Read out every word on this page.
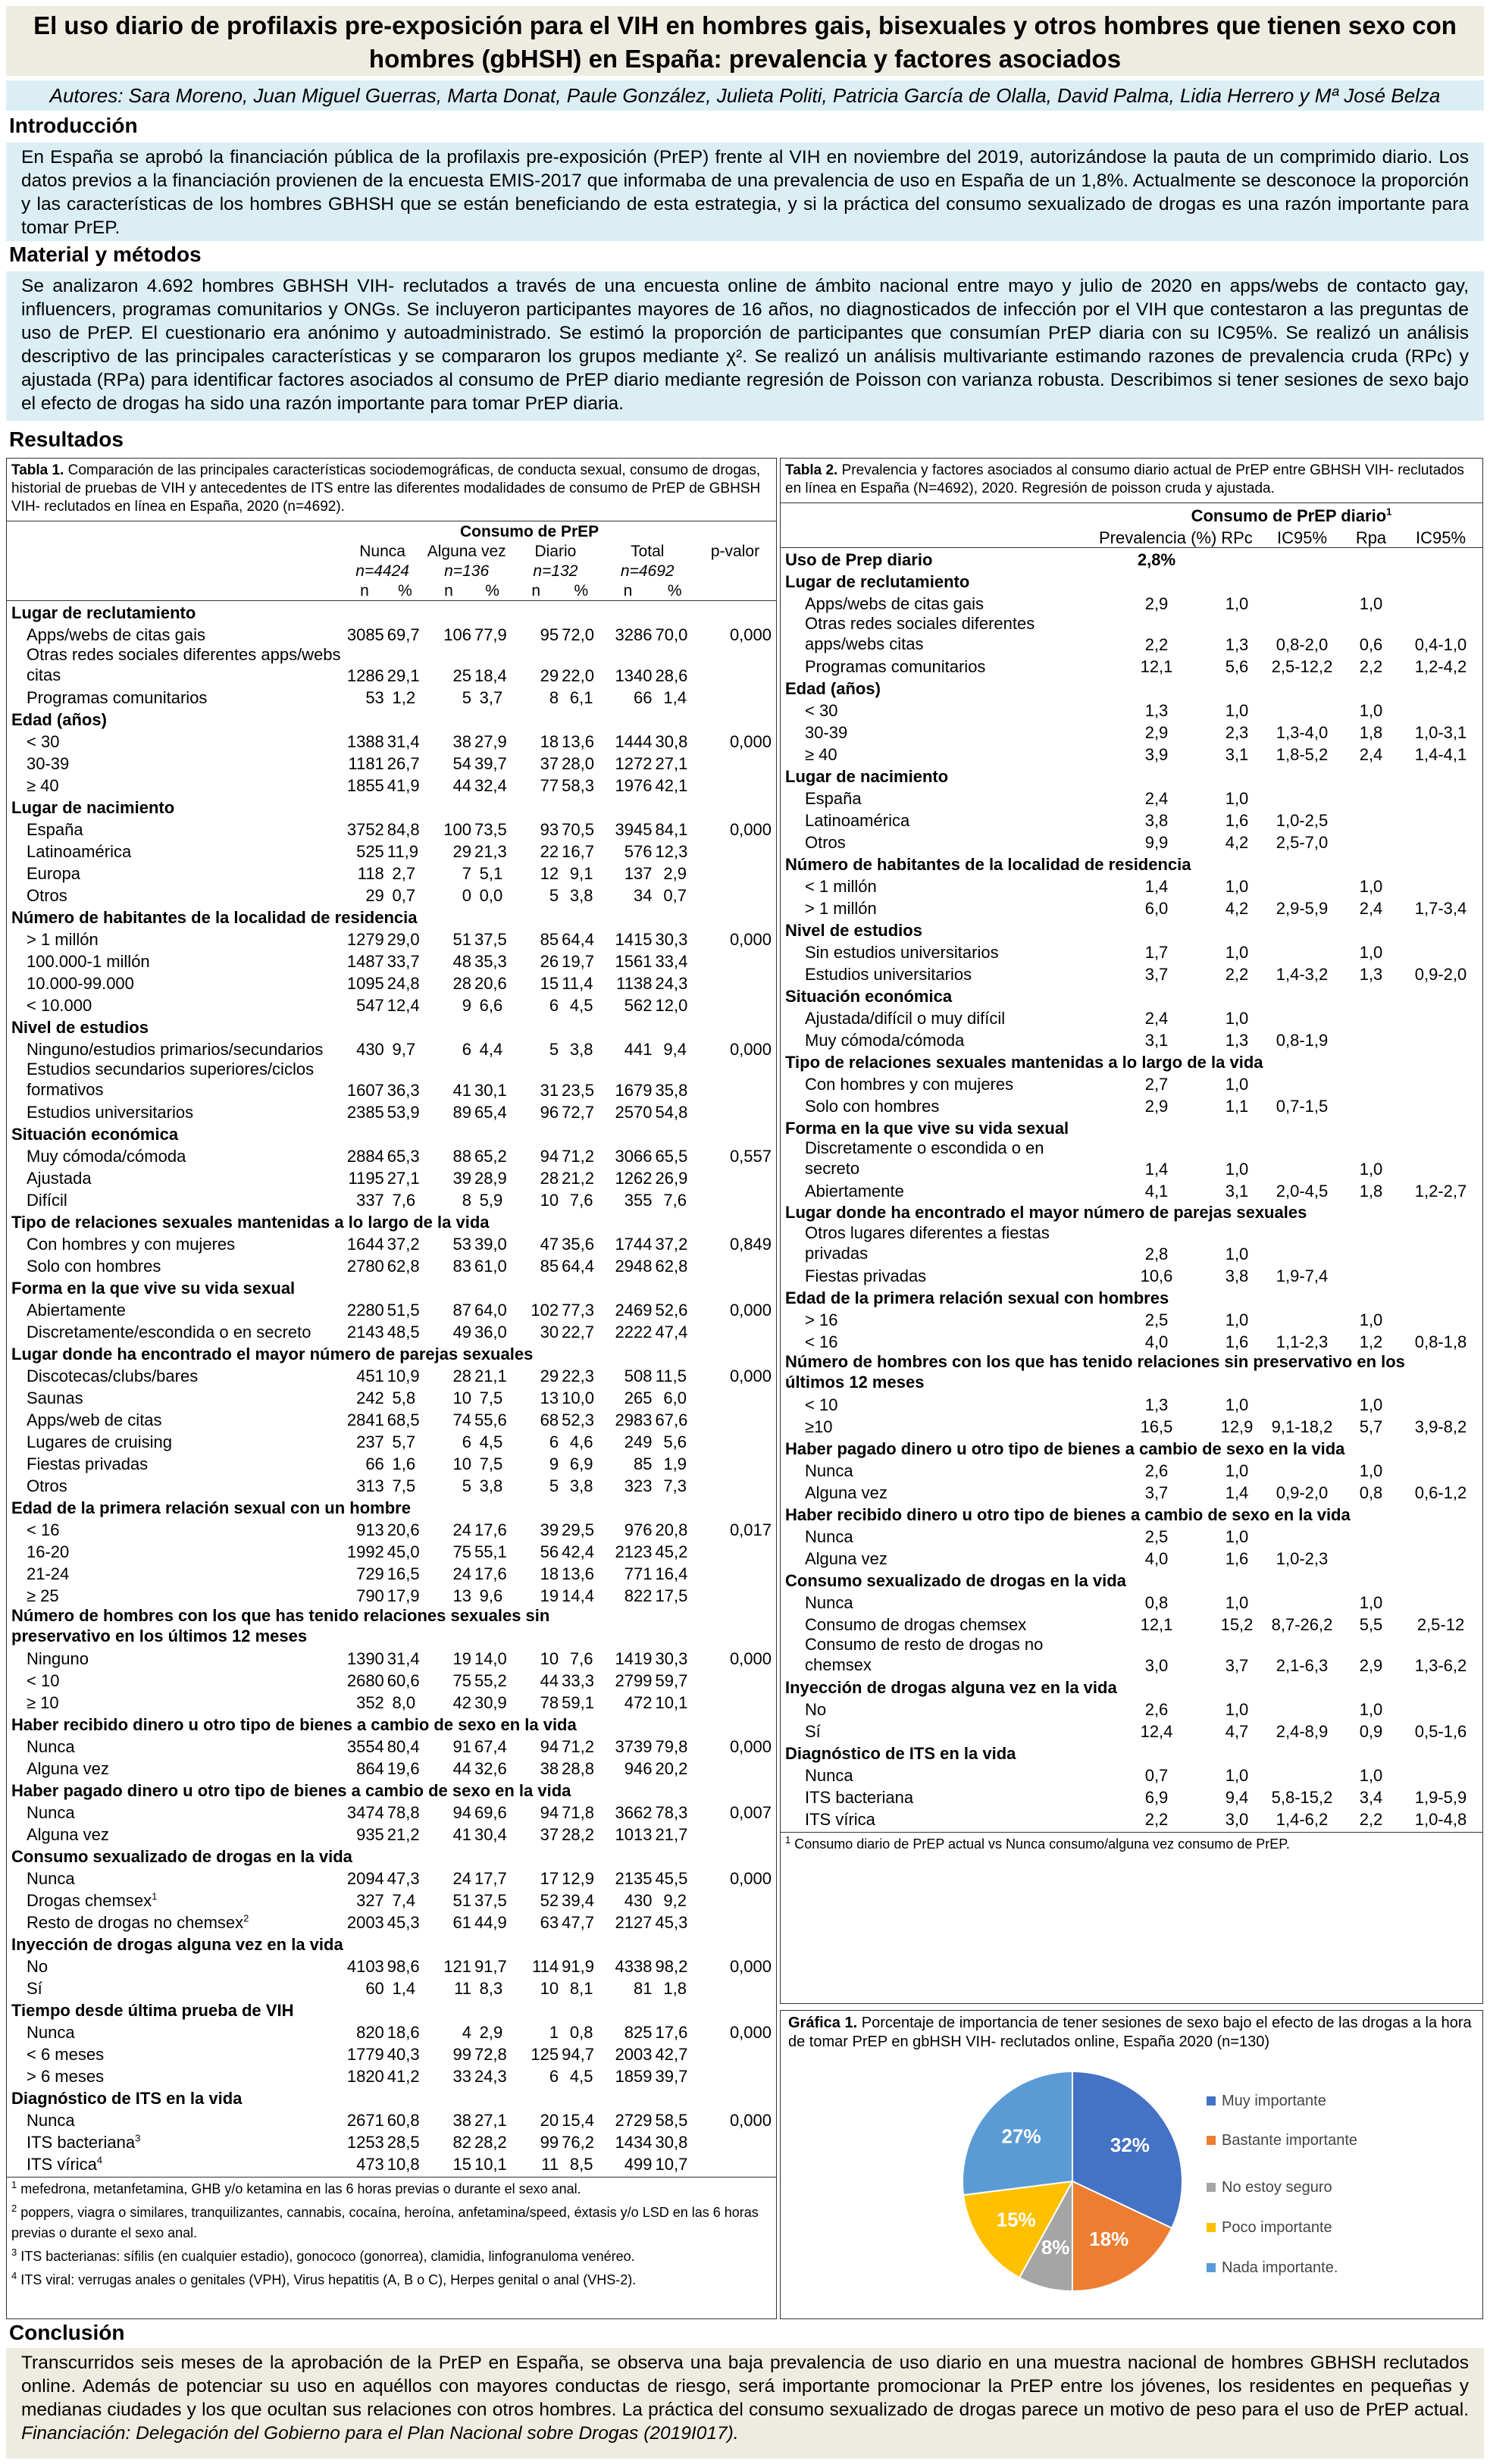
El uso diario de profilaxis pre-exposición para el VIH en hombres gais, bisexuales y otros hombres que tienen sexo con hombres (gbHSH) en España: prevalencia y factores asociados
Autores: Sara Moreno, Juan Miguel Guerras, Marta Donat, Paule González, Julieta Politi, Patricia García de Olalla, David Palma, Lidia Herrero y Mª José Belza
Introducción
En España se aprobó la financiación pública de la profilaxis pre-exposición (PrEP) frente al VIH en noviembre del 2019, autorizándose la pauta de un comprimido diario. Los datos previos a la financiación provienen de la encuesta EMIS-2017 que informaba de una prevalencia de uso en España de un 1,8%. Actualmente se desconoce la proporción y las características de los hombres GBHSH que se están beneficiando de esta estrategia, y si la práctica del consumo sexualizado de drogas es una razón importante para tomar PrEP.
Material y métodos
Se analizaron 4.692 hombres GBHSH VIH- reclutados a través de una encuesta online de ámbito nacional entre mayo y julio de 2020 en apps/webs de contacto gay, influencers, programas comunitarios y ONGs. Se incluyeron participantes mayores de 16 años, no diagnosticados de infección por el VIH que contestaron a las preguntas de uso de PrEP. El cuestionario era anónimo y autoadministrado. Se estimó la proporción de participantes que consumían PrEP diaria con su IC95%. Se realizó un análisis descriptivo de las principales características y se compararon los grupos mediante χ². Se realizó un análisis multivariante estimando razones de prevalencia cruda (RPc) y ajustada (RPa) para identificar factores asociados al consumo de PrEP diario mediante regresión de Poisson con varianza robusta. Describimos si tener sesiones de sexo bajo el efecto de drogas ha sido una razón importante para tomar PrEP diaria.
Resultados
Tabla 1. Comparación de las principales características sociodemográficas, de conducta sexual, consumo de drogas, historial de pruebas de VIH y antecedentes de ITS entre las diferentes modalidades de consumo de PrEP de GBHSH VIH- reclutados en línea en España, 2020 (n=4692).
	Consumo de PrEP								
	Nunca		Alguna vez		Diario		Total		p-valor
	n=4424		n=136		n=132		n=4692		
	n	%	n	%	n	%	n	%	
Lugar de reclutamiento									
Apps/webs de citas gais	3085	69,7	106	77,9	95	72,0	3286	70,0	0,000
Otras redes sociales diferentes apps/webs citas	1286	29,1	25	18,4	29	22,0	1340	28,6	
Programas comunitarios	53	1,2	5	3,7	8	6,1	66	1,4	
Edad (años)									
< 30	1388	31,4	38	27,9	18	13,6	1444	30,8	0,000
30-39	1181	26,7	54	39,7	37	28,0	1272	27,1	
≥ 40	1855	41,9	44	32,4	77	58,3	1976	42,1	
Lugar de nacimiento									
España	3752	84,8	100	73,5	93	70,5	3945	84,1	0,000
Latinoamérica	525	11,9	29	21,3	22	16,7	576	12,3	
Europa	118	2,7	7	5,1	12	9,1	137	2,9	
Otros	29	0,7	0	0,0	5	3,8	34	0,7	
Número de habitantes de la localidad de residencia									
> 1 millón	1279	29,0	51	37,5	85	64,4	1415	30,3	0,000
100.000-1 millón	1487	33,7	48	35,3	26	19,7	1561	33,4	
10.000-99.000	1095	24,8	28	20,6	15	11,4	1138	24,3	
< 10.000	547	12,4	9	6,6	6	4,5	562	12,0	
Nivel de estudios									
Ninguno/estudios primarios/secundarios	430	9,7	6	4,4	5	3,8	441	9,4	0,000
Estudios secundarios superiores/ciclos formativos	1607	36,3	41	30,1	31	23,5	1679	35,8	
Estudios universitarios	2385	53,9	89	65,4	96	72,7	2570	54,8	
Situación económica									
Muy cómoda/cómoda	2884	65,3	88	65,2	94	71,2	3066	65,5	0,557
Ajustada	1195	27,1	39	28,9	28	21,2	1262	26,9	
Difícil	337	7,6	8	5,9	10	7,6	355	7,6	
Tipo de relaciones sexuales mantenidas a lo largo de la vida									
Con hombres y con mujeres	1644	37,2	53	39,0	47	35,6	1744	37,2	0,849
Solo con hombres	2780	62,8	83	61,0	85	64,4	2948	62,8	
Forma en la que vive su vida sexual									
Abiertamente	2280	51,5	87	64,0	102	77,3	2469	52,6	0,000
Discretamente/escondida o en secreto	2143	48,5	49	36,0	30	22,7	2222	47,4	
Lugar donde ha encontrado el mayor número de parejas sexuales									
Discotecas/clubs/bares	451	10,9	28	21,1	29	22,3	508	11,5	0,000
Saunas	242	5,8	10	7,5	13	10,0	265	6,0	
Apps/web de citas	2841	68,5	74	55,6	68	52,3	2983	67,6	
Lugares de cruising	237	5,7	6	4,5	6	4,6	249	5,6	
Fiestas privadas	66	1,6	10	7,5	9	6,9	85	1,9	
Otros	313	7,5	5	3,8	5	3,8	323	7,3	
Edad de la primera relación sexual con un hombre									
< 16	913	20,6	24	17,6	39	29,5	976	20,8	0,017
16-20	1992	45,0	75	55,1	56	42,4	2123	45,2	
21-24	729	16,5	24	17,6	18	13,6	771	16,4	
≥ 25	790	17,9	13	9,6	19	14,4	822	17,5	
Número de hombres con los que has tenido relaciones sexuales sin preservativo en los últimos 12 meses									
Ninguno	1390	31,4	19	14,0	10	7,6	1419	30,3	0,000
< 10	2680	60,6	75	55,2	44	33,3	2799	59,7	
≥ 10	352	8,0	42	30,9	78	59,1	472	10,1	
Haber recibido dinero u otro tipo de bienes a cambio de sexo en la vida									
Nunca	3554	80,4	91	67,4	94	71,2	3739	79,8	0,000
Alguna vez	864	19,6	44	32,6	38	28,8	946	20,2	
Haber pagado dinero u otro tipo de bienes a cambio de sexo en la vida									
Nunca	3474	78,8	94	69,6	94	71,8	3662	78,3	0,007
Alguna vez	935	21,2	41	30,4	37	28,2	1013	21,7	
Consumo sexualizado de drogas en la vida									
Nunca	2094	47,3	24	17,7	17	12,9	2135	45,5	0,000
Drogas chemsex$^1$	327	7,4	51	37,5	52	39,4	430	9,2	
Resto de drogas no chemsex$^2$	2003	45,3	61	44,9	63	47,7	2127	45,3	
Inyección de drogas alguna vez en la vida									
No	4103	98,6	121	91,7	114	91,9	4338	98,2	0,000
Sí	60	1,4	11	8,3	10	8,1	81	1,8	
Tiempo desde última prueba de VIH									
Nunca	820	18,6	4	2,9	1	0,8	825	17,6	0,000
< 6 meses	1779	40,3	99	72,8	125	94,7	2003	42,7	
> 6 meses	1820	41,2	33	24,3	6	4,5	1859	39,7	
Diagnóstico de ITS en la vida									
Nunca	2671	60,8	38	27,1	20	15,4	2729	58,5	0,000
ITS bacteriana$^3$	1253	28,5	82	28,2	99	76,2	1434	30,8	
ITS vírica$^4$	473	10,8	15	10,1	11	8,5	499	10,7	
$^1$ mefedrona, metanfetamina, GHB y/o ketamina en las 6 horas previas o durante el sexo anal.
$^2$ poppers, viagra o similares, tranquilizantes, cannabis, cocaína, heroína, anfetamina/speed, éxtasis y/o LSD en las 6 horas previas o durante el sexo anal.
$^3$ ITS bacterianas: sífilis (en cualquier estadio), gonococo (gonorrea), clamidia, linfogranuloma venéreo.
$^4$ ITS viral: verrugas anales o genitales (VPH), Virus hepatitis (A, B o C), Herpes genital o anal (VHS-2).
Tabla 2. Prevalencia y factores asociados al consumo diario actual de PrEP entre GBHSH VIH- reclutados en línea en España (N=4692), 2020. Regresión de poisson cruda y ajustada.
	Consumo de PrEP diario$^1$
	Prevalencia (%)	RPc	IC95%	Rpa	IC95%
Uso de Prep diario	2,8%				
Lugar de reclutamiento					
Apps/webs de citas gais	2,9	1,0		1,0	
Otras redes sociales diferentes apps/webs citas	2,2	1,3	0,8-2,0	0,6	0,4-1,0
Programas comunitarios	12,1	5,6	2,5-12,2	2,2	1,2-4,2
Edad (años)					
< 30	1,3	1,0		1,0	
30-39	2,9	2,3	1,3-4,0	1,8	1,0-3,1
≥ 40	3,9	3,1	1,8-5,2	2,4	1,4-4,1
Lugar de nacimiento					
España	2,4	1,0			
Latinoamérica	3,8	1,6	1,0-2,5		
Otros	9,9	4,2	2,5-7,0		
Número de habitantes de la localidad de residencia					
< 1 millón	1,4	1,0		1,0	
> 1 millón	6,0	4,2	2,9-5,9	2,4	1,7-3,4
Nivel de estudios					
Sin estudios universitarios	1,7	1,0		1,0	
Estudios universitarios	3,7	2,2	1,4-3,2	1,3	0,9-2,0
Situación económica					
Ajustada/difícil o muy difícil	2,4	1,0			
Muy cómoda/cómoda	3,1	1,3	0,8-1,9		
Tipo de relaciones sexuales mantenidas a lo largo de la vida					
Con hombres y con mujeres	2,7	1,0			
Solo con hombres	2,9	1,1	0,7-1,5		
Forma en la que vive su vida sexual					
Discretamente o escondida o en secreto	1,4	1,0		1,0	
Abiertamente	4,1	3,1	2,0-4,5	1,8	1,2-2,7
Lugar donde ha encontrado el mayor número de parejas sexuales					
Otros lugares diferentes a fiestas privadas	2,8	1,0			
Fiestas privadas	10,6	3,8	1,9-7,4		
Edad de la primera relación sexual con hombres					
> 16	2,5	1,0		1,0	
< 16	4,0	1,6	1,1-2,3	1,2	0,8-1,8
Número de hombres con los que has tenido relaciones sin preservativo en los últimos 12 meses					
< 10	1,3	1,0		1,0	
≥10	16,5	12,9	9,1-18,2	5,7	3,9-8,2
Haber pagado dinero u otro tipo de bienes a cambio de sexo en la vida					
Nunca	2,6	1,0		1,0	
Alguna vez	3,7	1,4	0,9-2,0	0,8	0,6-1,2
Haber recibido dinero u otro tipo de bienes a cambio de sexo en la vida					
Nunca	2,5	1,0			
Alguna vez	4,0	1,6	1,0-2,3		
Consumo sexualizado de drogas en la vida					
Nunca	0,8	1,0		1,0	
Consumo de drogas chemsex	12,1	15,2	8,7-26,2	5,5	2,5-12
Consumo de resto de drogas no chemsex	3,0	3,7	2,1-6,3	2,9	1,3-6,2
Inyección de drogas alguna vez en la vida					
No	2,6	1,0		1,0	
Sí	12,4	4,7	2,4-8,9	0,9	0,5-1,6
Diagnóstico de ITS en la vida					
Nunca	0,7	1,0		1,0	
ITS bacteriana	6,9	9,4	5,8-15,2	3,4	1,9-5,9
ITS vírica	2,2	3,0	1,4-6,2	2,2	1,0-4,8
$^1$ Consumo diario de PrEP actual vs Nunca consumo/alguna vez consumo de PrEP.
Gráfica 1. Porcentaje de importancia de tener sesiones de sexo bajo el efecto de las drogas a la hora de tomar PrEP en gbHSH VIH- reclutados online, España 2020 (n=130)
32%
18%
8%
15%
27%
Muy importante
Bastante importante
No estoy seguro
Poco importante
Nada importante.
Conclusión
Transcurridos seis meses de la aprobación de la PrEP en España, se observa una baja prevalencia de uso diario en una muestra nacional de hombres GBHSH reclutados online. Además de potenciar su uso en aquéllos con mayores conductas de riesgo, será importante promocionar la PrEP entre los jóvenes, los residentes en pequeñas y medianas ciudades y los que ocultan sus relaciones con otros hombres. La práctica del consumo sexualizado de drogas parece un motivo de peso para el uso de PrEP actual. Financiación: Delegación del Gobierno para el Plan Nacional sobre Drogas (2019I017).
